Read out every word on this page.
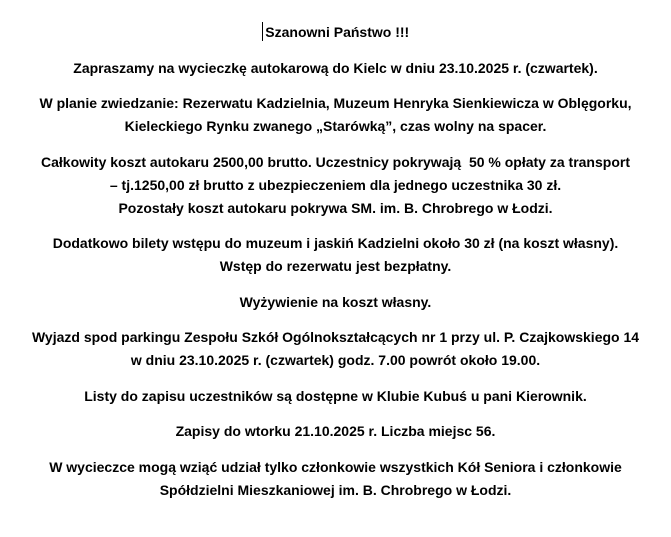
Szanowni Państwo !!!

Zapraszamy na wycieczkę autokarową do Kielc w dniu 23.10.2025 r. (czwartek).

W planie zwiedzanie: Rezerwatu Kadzielnia, Muzeum Henryka Sienkiewicza w Oblęgorku,
Kieleckiego Rynku zwanego „Starówką”, czas wolny na spacer.

Całkowity koszt autokaru 2500,00 brutto. Uczestnicy pokrywają  50 % opłaty za transport
– tj.1250,00 zł brutto z ubezpieczeniem dla jednego uczestnika 30 zł.
Pozostały koszt autokaru pokrywa SM. im. B. Chrobrego w Łodzi.

Dodatkowo bilety wstępu do muzeum i jaskiń Kadzielni około 30 zł (na koszt własny).
Wstęp do rezerwatu jest bezpłatny.

Wyżywienie na koszt własny.

Wyjazd spod parkingu Zespołu Szkół Ogólnokształcących nr 1 przy ul. P. Czajkowskiego 14
w dniu 23.10.2025 r. (czwartek) godz. 7.00 powrót około 19.00.

Listy do zapisu uczestników są dostępne w Klubie Kubuś u pani Kierownik.

Zapisy do wtorku 21.10.2025 r. Liczba miejsc 56.

W wycieczce mogą wziąć udział tylko członkowie wszystkich Kół Seniora i członkowie
Spółdzielni Mieszkaniowej im. B. Chrobrego w Łodzi.
